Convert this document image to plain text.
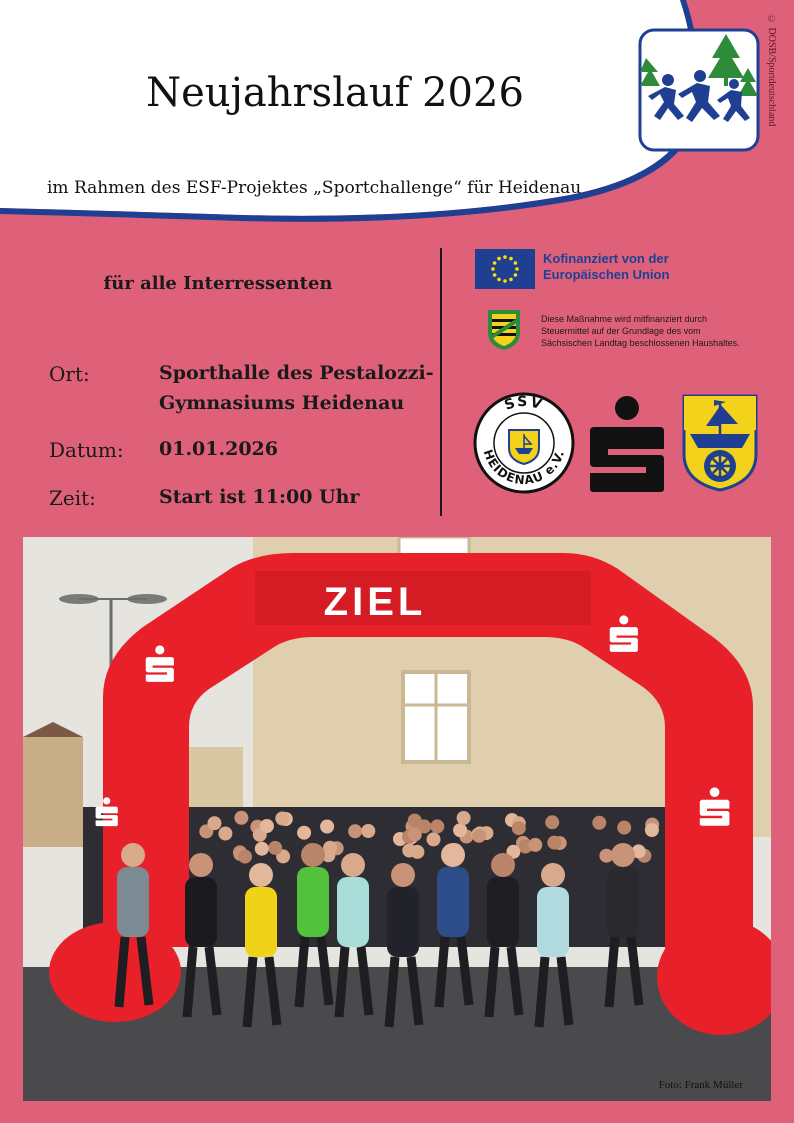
Neujahrslauf 2026
im Rahmen des ESF-Projektes „Sportchallenge“ für Heidenau
© DOSB/Sportdeutschland
für alle Interressenten
Ort:	Sporthalle des Pestalozzi-
Gymnasiums Heidenau
Datum: 01.01.2026
Zeit:	Start ist 11:00 Uhr
Kofinanziert von der
Europäischen Union
Diese Maßnahme wird mitfinanziert durch
Steuermittel auf der Grundlage des vom
Sächsischen Landtag beschlossenen Haushaltes.
SSV
HEIDENAU e.V.
ZIEL
Foto: Frank Müller
